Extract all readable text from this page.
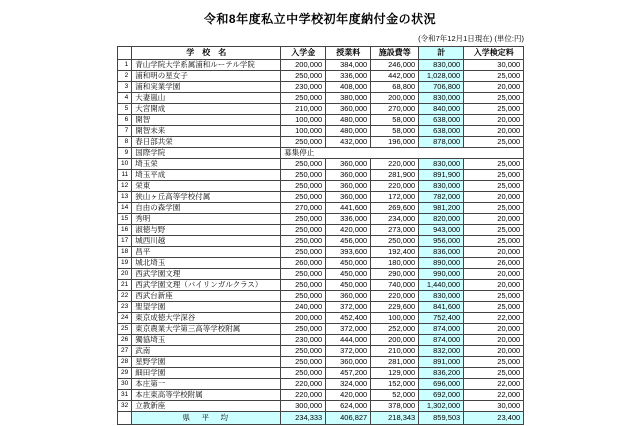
令和8年度私立中学校初年度納付金の状況
(令和7年12月1日現在) (単位:円)
	学　校　名	入学金	授業料	施設費等	計	入学検定料
1	青山学院大学系属浦和ルーテル学院	200,000	384,000	246,000	830,000	30,000
2	浦和明の星女子	250,000	336,000	442,000	1,028,000	25,000
3	浦和実業学園	230,000	408,000	68,800	706,800	20,000
4	大妻嵐山	250,000	380,000	200,000	830,000	25,000
5	大宮開成	210,000	360,000	270,000	840,000	25,000
6	開智	100,000	480,000	58,000	638,000	20,000
7	開智未来	100,000	480,000	58,000	638,000	20,000
8	春日部共栄	250,000	432,000	196,000	878,000	25,000
9	国際学院	募集停止				
10	埼玉栄	250,000	360,000	220,000	830,000	25,000
11	埼玉平成	250,000	360,000	281,900	891,900	25,000
12	栄東	250,000	360,000	220,000	830,000	25,000
13	狭山ヶ丘高等学校付属	250,000	360,000	172,000	782,000	20,000
14	自由の森学園	270,000	441,600	269,600	981,200	25,000
15	秀明	250,000	336,000	234,000	820,000	20,000
16	淑徳与野	250,000	420,000	273,000	943,000	25,000
17	城西川越	250,000	456,000	250,000	956,000	25,000
18	昌平	250,000	393,600	192,400	836,000	20,000
19	城北埼玉	260,000	450,000	180,000	890,000	26,000
20	西武学園文理	250,000	450,000	290,000	990,000	20,000
21	西武学園文理（バイリンガルクラス）	250,000	450,000	740,000	1,440,000	20,000
22	西武台新座	250,000	360,000	220,000	830,000	25,000
23	聖望学園	240,000	372,000	229,600	841,600	25,000
24	東京成徳大学深谷	200,000	452,400	100,000	752,400	22,000
25	東京農業大学第三高等学校附属	250,000	372,000	252,000	874,000	20,000
26	獨協埼玉	230,000	444,000	200,000	874,000	20,000
27	武南	250,000	372,000	210,000	832,000	20,000
28	星野学園	250,000	360,000	281,000	891,000	25,000
29	細田学園	250,000	457,200	129,000	836,200	25,000
30	本庄第一	220,000	324,000	152,000	696,000	22,000
31	本庄東高等学校附属	220,000	420,000	52,000	692,000	22,000
32	立教新座	300,000	624,000	378,000	1,302,000	30,000
	県　平　均	234,333	406,827	218,343	859,503	23,400
